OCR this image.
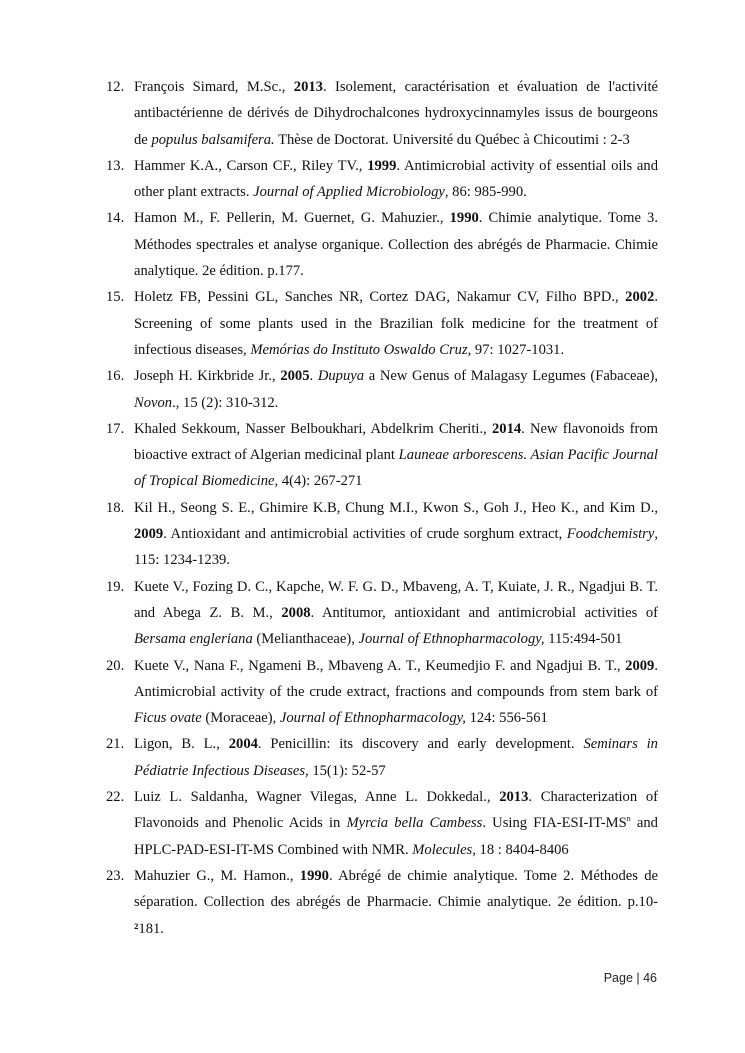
12. François Simard, M.Sc., 2013. Isolement, caractérisation et évaluation de l'activité antibactérienne de dérivés de Dihydrochalcones hydroxycinnamyles issus de bourgeons de populus balsamifera. Thèse de Doctorat. Université du Québec à Chicoutimi : 2-3
13. Hammer K.A., Carson CF., Riley TV., 1999. Antimicrobial activity of essential oils and other plant extracts. Journal of Applied Microbiology, 86: 985-990.
14. Hamon M., F. Pellerin, M. Guernet, G. Mahuzier., 1990. Chimie analytique. Tome 3. Méthodes spectrales et analyse organique. Collection des abrégés de Pharmacie. Chimie analytique. 2e édition. p.177.
15. Holetz FB, Pessini GL, Sanches NR, Cortez DAG, Nakamur CV, Filho BPD., 2002. Screening of some plants used in the Brazilian folk medicine for the treatment of infectious diseases, Memórias do Instituto Oswaldo Cruz, 97: 1027-1031.
16. Joseph H. Kirkbride Jr., 2005. Dupuya a New Genus of Malagasy Legumes (Fabaceae), Novon., 15 (2): 310-312.
17. Khaled Sekkoum, Nasser Belboukhari, Abdelkrim Cheriti., 2014. New flavonoids from bioactive extract of Algerian medicinal plant Launeae arborescens. Asian Pacific Journal of Tropical Biomedicine, 4(4): 267-271
18. Kil H., Seong S. E., Ghimire K.B, Chung M.I., Kwon S., Goh J., Heo K., and Kim D., 2009. Antioxidant and antimicrobial activities of crude sorghum extract, Foodchemistry, 115: 1234-1239.
19. Kuete V., Fozing D. C., Kapche, W. F. G. D., Mbaveng, A. T, Kuiate, J. R., Ngadjui B. T. and Abega Z. B. M., 2008. Antitumor, antioxidant and antimicrobial activities of Bersama engleriana (Melianthaceae), Journal of Ethnopharmacology, 115:494-501
20. Kuete V., Nana F., Ngameni B., Mbaveng A. T., Keumedjio F. and Ngadjui B. T., 2009. Antimicrobial activity of the crude extract, fractions and compounds from stem bark of Ficus ovate (Moraceae), Journal of Ethnopharmacology, 124: 556-561
21. Ligon, B. L., 2004. Penicillin: its discovery and early development. Seminars in Pédiatrie Infectious Diseases, 15(1): 52-57
22. Luiz L. Saldanha, Wagner Vilegas, Anne L. Dokkedal., 2013. Characterization of Flavonoids and Phenolic Acids in Myrcia bella Cambess. Using FIA-$ESI-IT-MS^n$ and HPLC-PAD-ESI-IT-MS Combined with NMR. Molecules, 18 : 8404-8406
23. Mahuzier G., M. Hamon., 1990. Abrégé de chimie analytique. Tome 2. Méthodes de séparation. Collection des abrégés de Pharmacie. Chimie analytique. 2e édition. p.10-²181.
Page | 46
